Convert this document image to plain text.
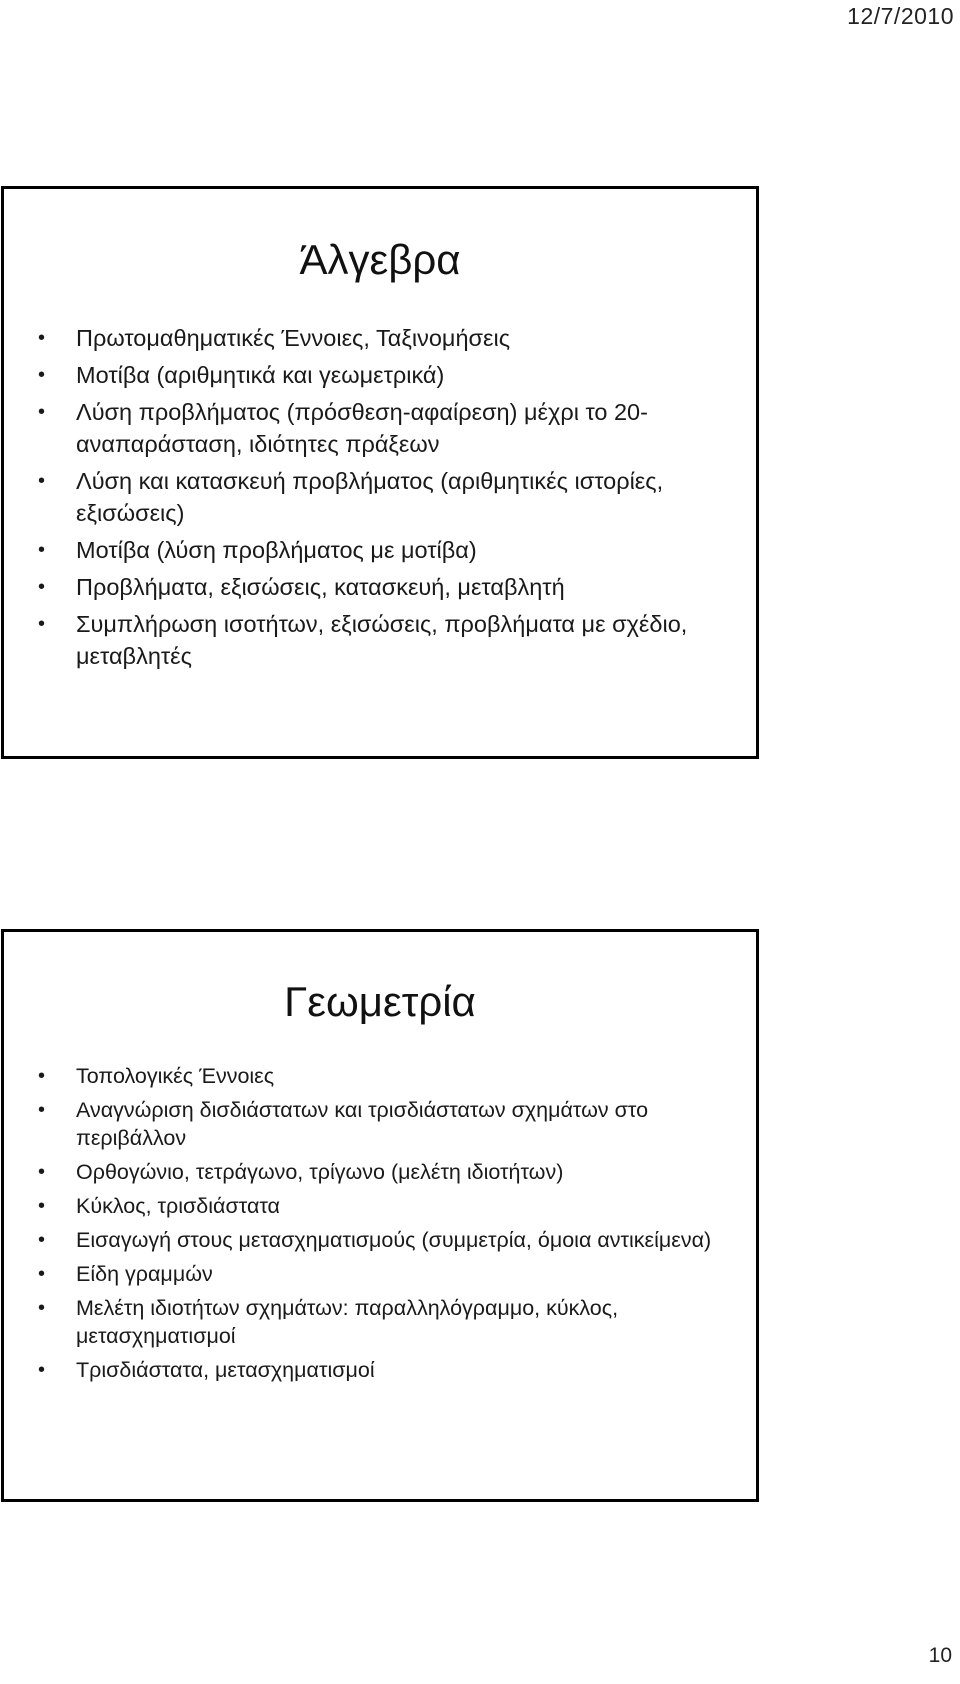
12/7/2010
Άλγεβρα
• Πρωτομαθηματικές Έννοιες, Ταξινομήσεις
• Μοτίβα (αριθμητικά και γεωμετρικά)
• Λύση προβλήματος (πρόσθεση-αφαίρεση) μέχρι το 20-αναπαράσταση, ιδιότητες πράξεων
• Λύση και κατασκευή προβλήματος (αριθμητικές ιστορίες, εξισώσεις)
• Μοτίβα (λύση προβλήματος με μοτίβα)
• Προβλήματα, εξισώσεις, κατασκευή, μεταβλητή
• Συμπλήρωση ισοτήτων, εξισώσεις, προβλήματα με σχέδιο, μεταβλητές
Γεωμετρία
• Τοπολογικές Έννοιες
• Αναγνώριση δισδιάστατων και τρισδιάστατων σχημάτων στο περιβάλλον
• Ορθογώνιο, τετράγωνο, τρίγωνο (μελέτη ιδιοτήτων)
• Κύκλος, τρισδιάστατα
• Εισαγωγή στους μετασχηματισμούς (συμμετρία, όμοια αντικείμενα)
• Είδη γραμμών
• Μελέτη ιδιοτήτων σχημάτων: παραλληλόγραμμο, κύκλος, μετασχηματισμοί
• Τρισδιάστατα, μετασχηματισμοί
10
